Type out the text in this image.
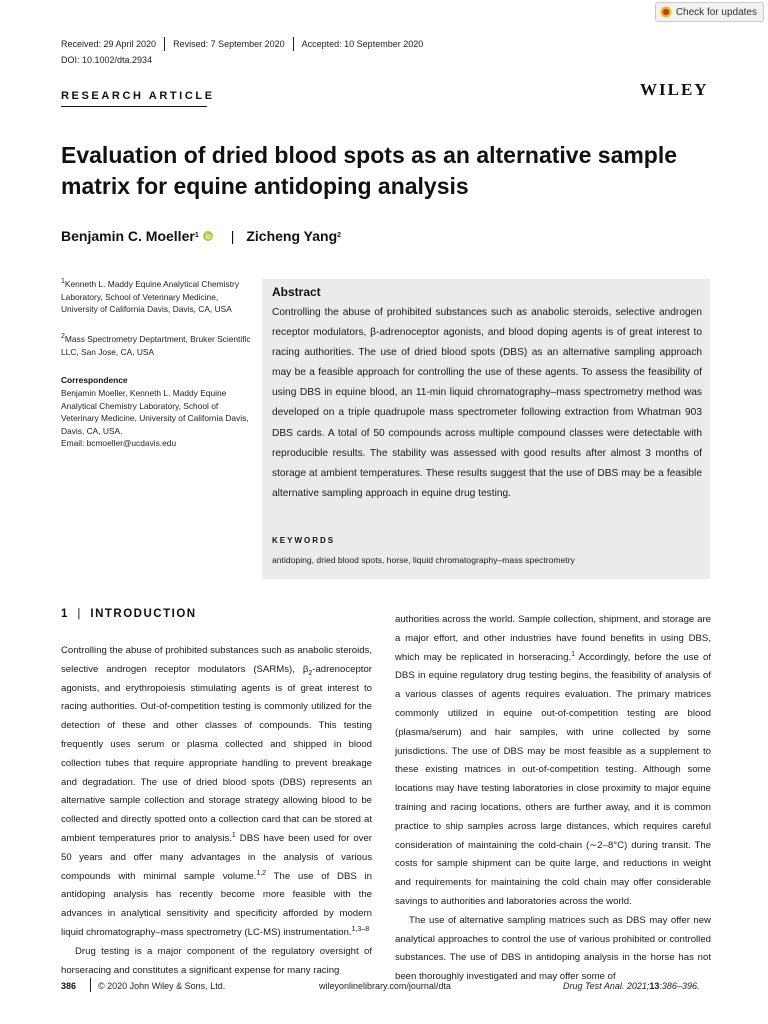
Check for updates
Received: 29 April 2020	Revised: 7 September 2020	Accepted: 10 September 2020
DOI: 10.1002/dta.2934
RESEARCH ARTICLE	WILEY
Evaluation of dried blood spots as an alternative sample matrix for equine antidoping analysis
Benjamin C. Moeller 1 | Zicheng Yang 2
$^1$Kenneth L. Maddy Equine Analytical Chemistry Laboratory, School of Veterinary Medicine, University of California Davis, Davis, CA, USA
$^2$Mass Spectrometry Deptartment, Bruker Scientific LLC, San Jose, CA, USA
Correspondence
Benjamin Moeller, Kenneth L. Maddy Equine Analytical Chemistry Laboratory, School of Veterinary Medicine, University of California Davis, Davis, CA, USA.
Email: bcmoeller@ucdavis.edu
Abstract
Controlling the abuse of prohibited substances such as anabolic steroids, selective androgen receptor modulators, β-adrenoceptor agonists, and blood doping agents is of great interest to racing authorities. The use of dried blood spots (DBS) as an alternative sampling approach may be a feasible approach for controlling the use of these agents. To assess the feasibility of using DBS in equine blood, an 11-min liquid chromatography–mass spectrometry method was developed on a triple quadrupole mass spectrometer following extraction from Whatman 903 DBS cards. A total of 50 compounds across multiple compound classes were detectable with reproducible results. The stability was assessed with good results after almost 3 months of storage at ambient temperatures. These results suggest that the use of DBS may be a feasible alternative sampling approach in equine drug testing.
KEYWORDS
antidoping, dried blood spots, horse, liquid chromatography–mass spectrometry
1 | INTRODUCTION

Controlling the abuse of prohibited substances such as anabolic steroids, selective androgen receptor modulators (SARMs), $\beta_2$-adrenoceptor agonists, and erythropoiesis stimulating agents is of great interest to racing authorities. Out-of-competition testing is commonly utilized for the detection of these and other classes of compounds. This testing frequently uses serum or plasma collected and shipped in blood collection tubes that require appropriate handling to prevent breakage and degradation. The use of dried blood spots (DBS) represents an alternative sample collection and storage strategy allowing blood to be collected and directly spotted onto a collection card that can be stored at ambient temperatures prior to analysis.$^1$ DBS have been used for over 50 years and offer many advantages in the analysis of various compounds with minimal sample volume.$^{1,2}$ The use of DBS in antidoping analysis has recently become more feasible with the advances in analytical sensitivity and specificity afforded by modern liquid chromatography–mass spectrometry (LC-MS) instrumentation.$^{1,3-8}$

Drug testing is a major component of the regulatory oversight of horseracing and constitutes a significant expense for many racing

authorities across the world. Sample collection, shipment, and storage are a major effort, and other industries have found benefits in using DBS, which may be replicated in horseracing.$^1$ Accordingly, before the use of DBS in equine regulatory drug testing begins, the feasibility of analysis of a various classes of agents requires evaluation. The primary matrices commonly utilized in equine out-of-competition testing are blood (plasma/serum) and hair samples, with urine collected by some jurisdictions. The use of DBS may be most feasible as a supplement to these existing matrices in out-of-competition testing. Although some locations may have testing laboratories in close proximity to major equine training and racing locations, others are further away, and it is common practice to ship samples across large distances, which requires careful consideration of maintaining the cold-chain (∼2–8°C) during transit. The costs for sample shipment can be quite large, and reductions in weight and requirements for maintaining the cold chain may offer considerable savings to authorities and laboratories across the world.

The use of alternative sampling matrices such as DBS may offer new analytical approaches to control the use of various prohibited or controlled substances. The use of DBS in antidoping analysis in the horse has not been thoroughly investigated and may offer some of

386 © 2020 John Wiley & Sons, Ltd.	wileyonlinelibrary.com/journal/dta	Drug Test Anal. 2021;13:386–396.
